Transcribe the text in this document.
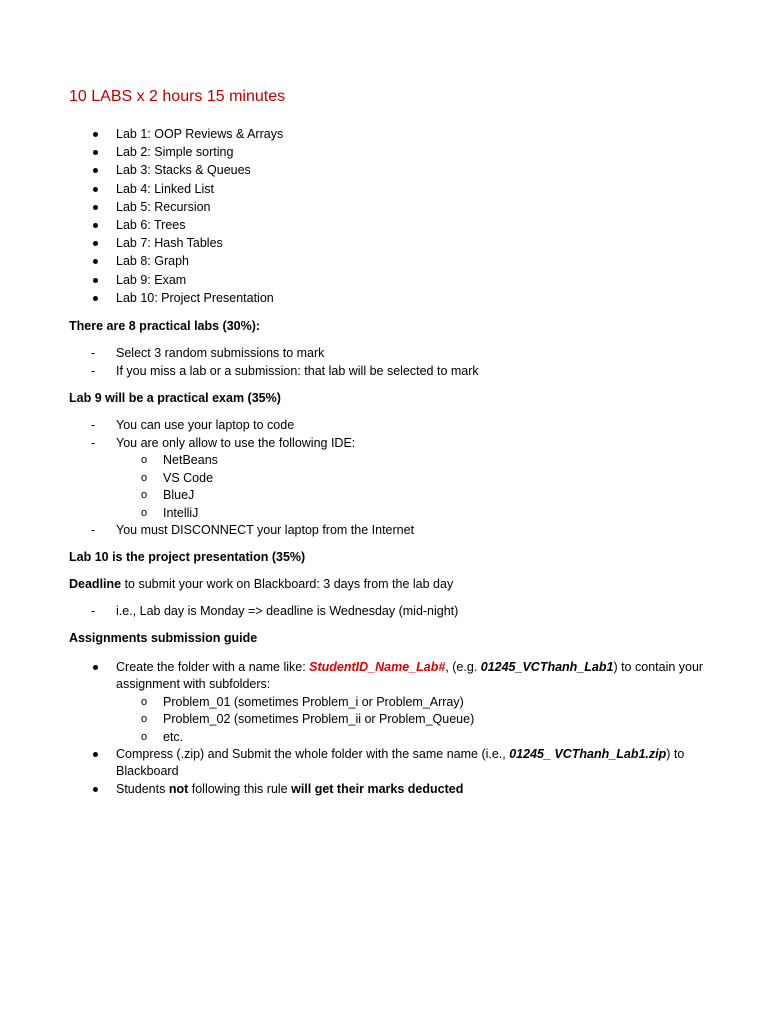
10 LABS x 2 hours 15 minutes
Lab 1: OOP Reviews & Arrays
Lab 2: Simple sorting
Lab 3: Stacks & Queues
Lab 4: Linked List
Lab 5: Recursion
Lab 6: Trees
Lab 7: Hash Tables
Lab 8: Graph
Lab 9: Exam
Lab 10: Project Presentation

There are 8 practical labs (30%):

- Select 3 random submissions to mark
- If you miss a lab or a submission: that lab will be selected to mark

Lab 9 will be a practical exam (35%)

- You can use your laptop to code
- You are only allow to use the following IDE:
o NetBeans
o VS Code
o BlueJ
o IntelliJ
- You must DISCONNECT your laptop from the Internet

Lab 10 is the project presentation (35%)

Deadline to submit your work on Blackboard: 3 days from the lab day

- i.e., Lab day is Monday => deadline is Wednesday (mid-night)

Assignments submission guide

Create the folder with a name like: StudentID_Name_Lab#, (e.g. 01245_VCThanh_Lab1) to contain your assignment with subfolders:
o Problem_01 (sometimes Problem_i or Problem_Array)
o Problem_02 (sometimes Problem_ii or Problem_Queue)
o etc.
Compress (.zip) and Submit the whole folder with the same name (i.e., 01245_ VCThanh_Lab1.zip) to Blackboard
Students not following this rule will get their marks deducted
